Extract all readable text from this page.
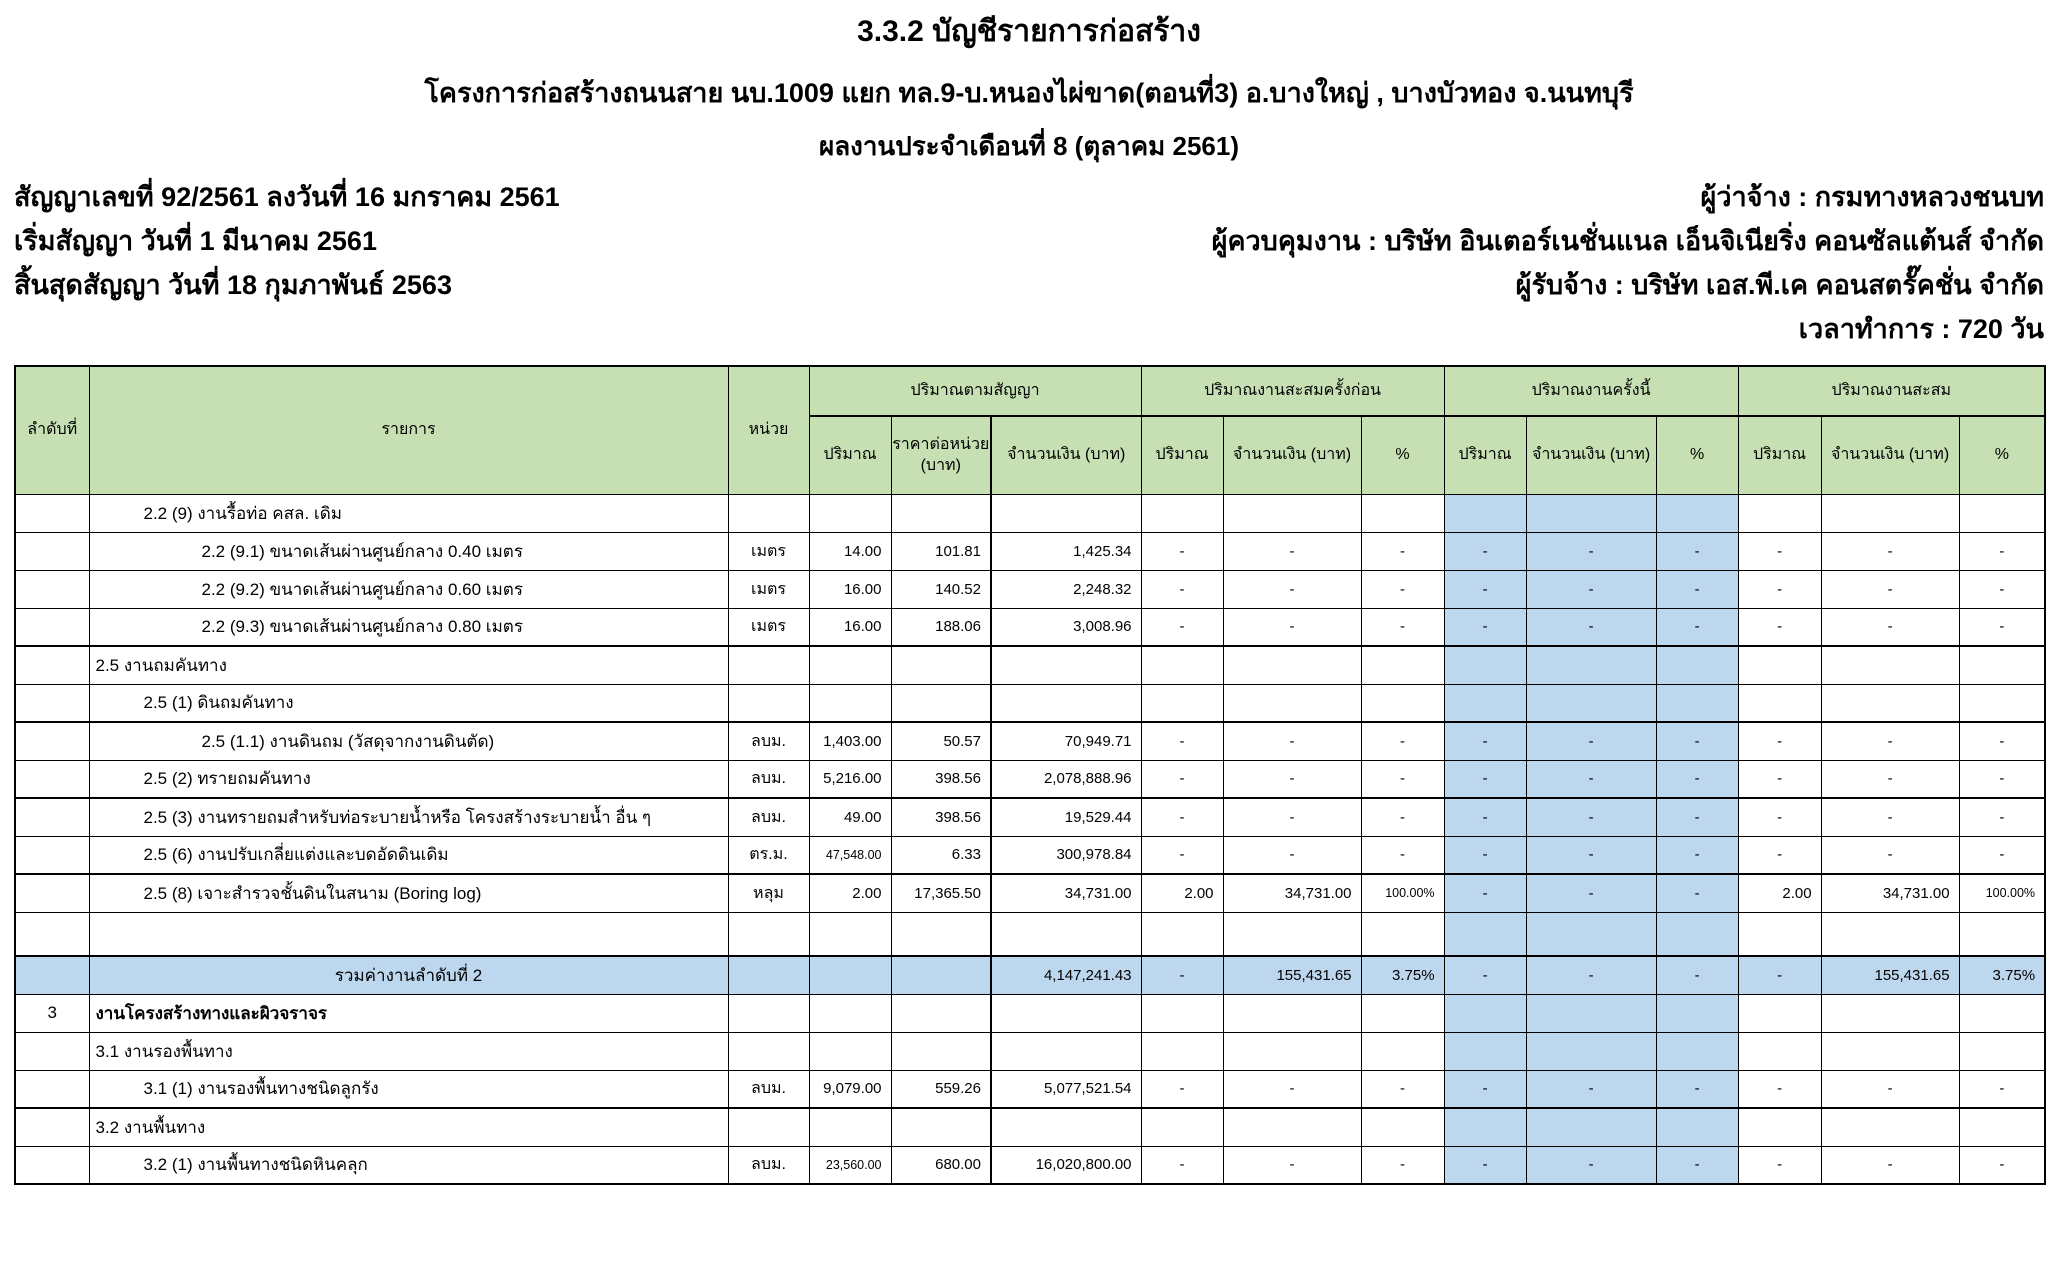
3.3.2 บัญชีรายการก่อสร้าง
โครงการก่อสร้างถนนสาย นบ.1009 แยก ทล.9-บ.หนองไผ่ขาด(ตอนที่3) อ.บางใหญ่ , บางบัวทอง จ.นนทบุรี
ผลงานประจำเดือนที่ 8 (ตุลาคม 2561)
สัญญาเลขที่ 92/2561 ลงวันที่ 16 มกราคม 2561
เริ่มสัญญา วันที่ 1 มีนาคม 2561
สิ้นสุดสัญญา วันที่ 18 กุมภาพันธ์ 2563
ผู้ว่าจ้าง : กรมทางหลวงชนบท
ผู้ควบคุมงาน : บริษัท อินเตอร์เนชั่นแนล เอ็นจิเนียริ่ง คอนซัลแต้นส์ จำกัด
ผู้รับจ้าง : บริษัท เอส.พี.เค คอนสตรั๊คชั่น จำกัด
เวลาทำการ : 720 วัน
ลำดับที่	รายการ	หน่วย	ปริมาณตามสัญญา			ปริมาณงานสะสมครั้งก่อน			ปริมาณงานครั้งนี้			ปริมาณงานสะสม		
			ปริมาณ	ราคาต่อหน่วย (บาท)	จำนวนเงิน (บาท)	ปริมาณ	จำนวนเงิน (บาท)	%	ปริมาณ	จำนวนเงิน (บาท)	%	ปริมาณ	จำนวนเงิน (บาท)	%
	2.2 (9) งานรื้อท่อ คสล. เดิม													
	2.2 (9.1) ขนาดเส้นผ่านศูนย์กลาง 0.40 เมตร	เมตร	14.00	101.81	1,425.34	-	-	-	-	-	-	-	-	-
	2.2 (9.2) ขนาดเส้นผ่านศูนย์กลาง 0.60 เมตร	เมตร	16.00	140.52	2,248.32	-	-	-	-	-	-	-	-	-
	2.2 (9.3) ขนาดเส้นผ่านศูนย์กลาง 0.80 เมตร	เมตร	16.00	188.06	3,008.96	-	-	-	-	-	-	-	-	-
	2.5 งานถมคันทาง													
	2.5 (1) ดินถมคันทาง													
	2.5 (1.1) งานดินถม (วัสดุจากงานดินตัด)	ลบม.	1,403.00	50.57	70,949.71	-	-	-	-	-	-	-	-	-
	2.5 (2) ทรายถมคันทาง	ลบม.	5,216.00	398.56	2,078,888.96	-	-	-	-	-	-	-	-	-
	2.5 (3) งานทรายถมสำหรับท่อระบายน้ำหรือ โครงสร้างระบายน้ำ อื่น ๆ	ลบม.	49.00	398.56	19,529.44	-	-	-	-	-	-	-	-	-
	2.5 (6) งานปรับเกลี่ยแต่งและบดอัดดินเดิม	ตร.ม.	47,548.00	6.33	300,978.84	-	-	-	-	-	-	-	-	-
	2.5 (8) เจาะสำรวจชั้นดินในสนาม (Boring log)	หลุม	2.00	17,365.50	34,731.00	2.00	34,731.00	100.00%	-	-	-	2.00	34,731.00	100.00%

	รวมค่างานลำดับที่ 2				4,147,241.43	-	155,431.65	3.75%	-	-	-	-	155,431.65	3.75%
3	งานโครงสร้างทางและผิวจราจร													
	3.1 งานรองพื้นทาง													
	3.1 (1) งานรองพื้นทางชนิดลูกรัง	ลบม.	9,079.00	559.26	5,077,521.54	-	-	-	-	-	-	-	-	-
	3.2 งานพื้นทาง													
	3.2 (1) งานพื้นทางชนิดหินคลุก	ลบม.	23,560.00	680.00	16,020,800.00	-	-	-	-	-	-	-	-	-
